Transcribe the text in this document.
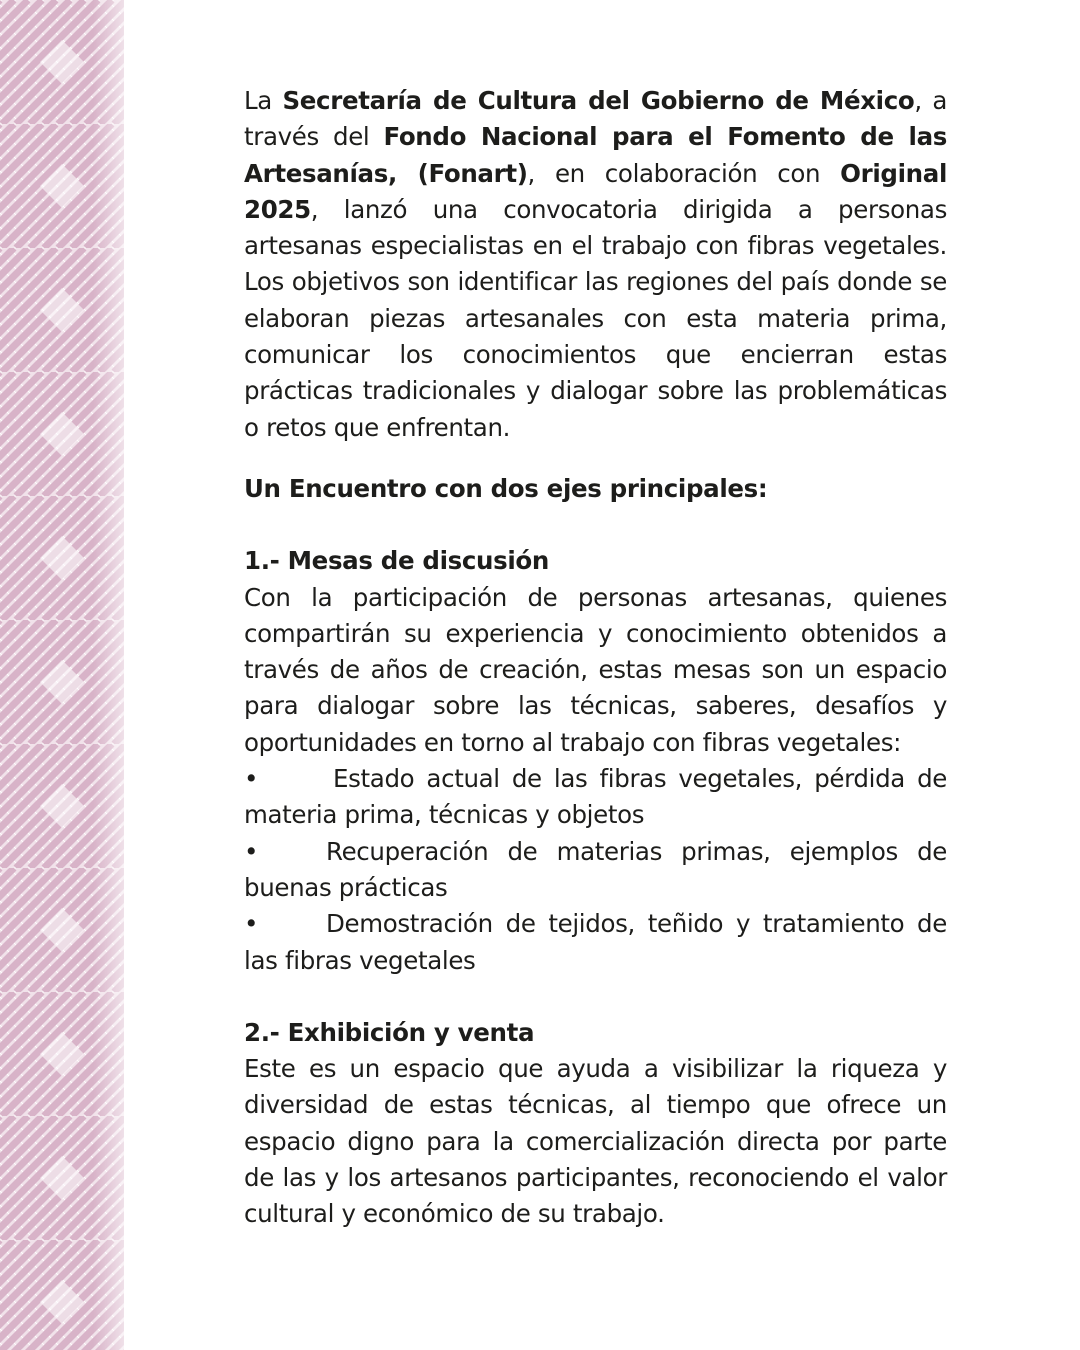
La Secretaría de Cultura del Gobierno de México, a través del Fondo Nacional para el Fomento de las Artesanías, (Fonart), en colaboración con Original 2025, lanzó una convocatoria dirigida a personas artesanas especialistas en el trabajo con fibras vegetales. Los objetivos son identificar las regiones del país donde se elaboran piezas artesanales con esta materia prima, comunicar los conocimientos que encierran estas prácticas tradicionales y dialogar sobre las problemáticas o retos que enfrentan.

Un Encuentro con dos ejes principales:

1.- Mesas de discusión

Con la participación de personas artesanas, quienes compartirán su experiencia y conocimiento obtenidos a través de años de creación, estas mesas son un espacio para dialogar sobre las técnicas, saberes, desafíos y oportunidades en torno al trabajo con fibras vegetales:

•	Estado actual de las fibras vegetales, pérdida de materia prima, técnicas y objetos

•	Recuperación de materias primas, ejemplos de buenas prácticas

•	Demostración de tejidos, teñido y tratamiento de las fibras vegetales

2.- Exhibición y venta

Este es un espacio que ayuda a visibilizar la riqueza y diversidad de estas técnicas, al tiempo que ofrece un espacio digno para la comercialización directa por parte de las y los artesanos participantes, reconociendo el valor cultural y económico de su trabajo.
